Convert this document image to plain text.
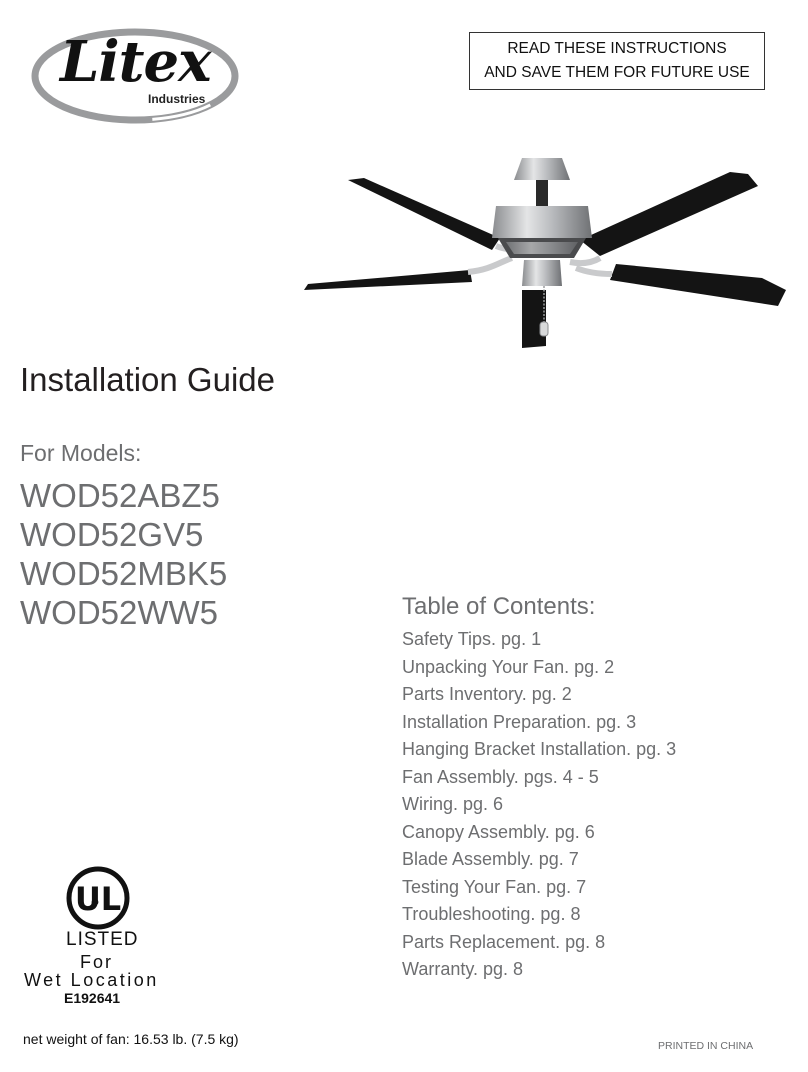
Litex
Industries
READ THESE INSTRUCTIONS
AND SAVE THEM FOR FUTURE USE
Installation Guide
For Models:
WOD52ABZ5
WOD52GV5
WOD52MBK5
WOD52WW5	Table of Contents:
Safety Tips. pg. 1
Unpacking Your Fan. pg. 2
Parts Inventory. pg. 2
Installation Preparation. pg. 3
Hanging Bracket Installation. pg. 3
Fan Assembly. pgs. 4 - 5
Wiring. pg. 6
Canopy Assembly. pg. 6
Blade Assembly. pg. 7
Testing Your Fan. pg. 7
Troubleshooting. pg. 8
Parts Replacement. pg. 8
Warranty. pg. 8
UL
LISTED
For
Wet Location
E192641
net weight of fan: 16.53 lb. (7.5 kg)	PRINTED IN CHINA
